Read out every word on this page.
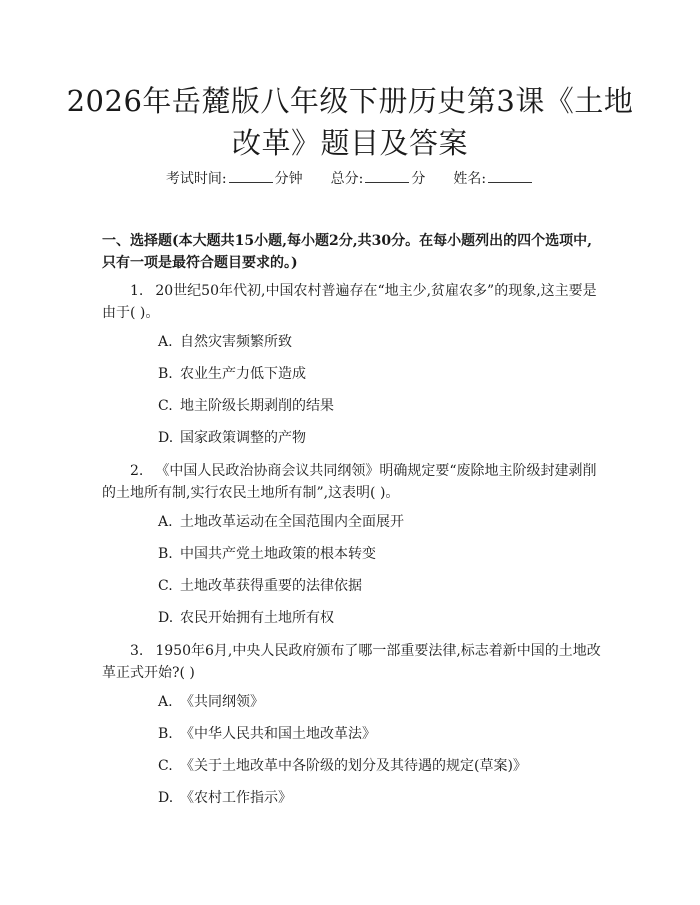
2026年岳麓版八年级下册历史第3课《土地改革》题目及答案
考试时间:	分钟 总分:	分 姓名:
一、选择题(本大题共15小题,每小题2分,共30分。在每小题列出的四个选项中,只有一项是最符合题目要求的。)
1. 20世纪50年代初,中国农村普遍存在“地主少,贫雇农多”的现象,这主要是由于( )。
A. 自然灾害频繁所致
B. 农业生产力低下造成
C. 地主阶级长期剥削的结果
D. 国家政策调整的产物
2. 《中国人民政治协商会议共同纲领》明确规定要“废除地主阶级封建剥削的土地所有制,实行农民土地所有制”,这表明( )。
A. 土地改革运动在全国范围内全面展开
B. 中国共产党土地政策的根本转变
C. 土地改革获得重要的法律依据
D. 农民开始拥有土地所有权
3. 1950年6月,中央人民政府颁布了哪一部重要法律,标志着新中国的土地改革正式开始?( )
A. 《共同纲领》
B. 《中华人民共和国土地改革法》
C. 《关于土地改革中各阶级的划分及其待遇的规定(草案)》
D. 《农村工作指示》
